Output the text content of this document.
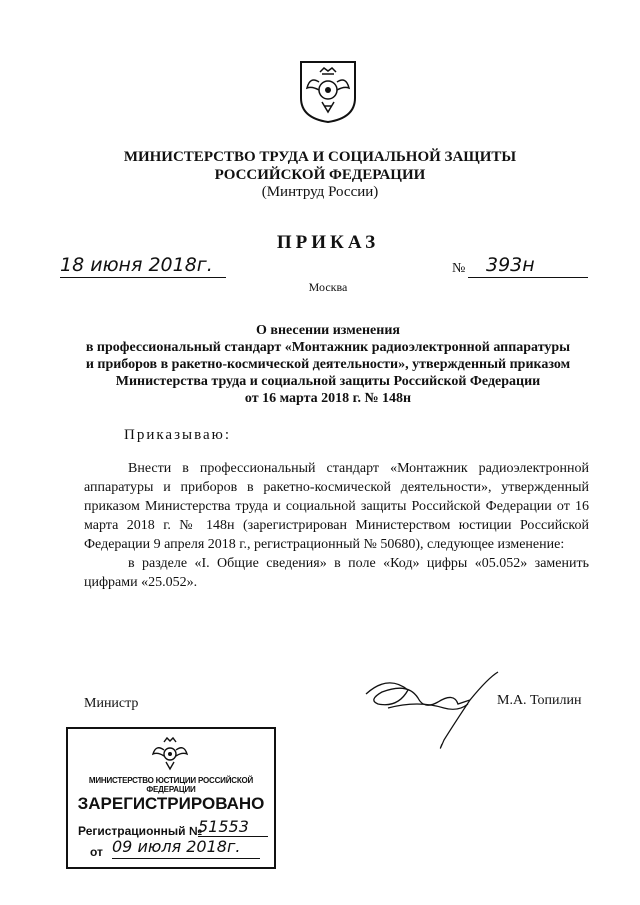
МИНИСТЕРСТВО ТРУДА И СОЦИАЛЬНОЙ ЗАЩИТЫ
РОССИЙСКОЙ ФЕДЕРАЦИИ
(Минтруд России)
ПРИКАЗ
18 июня 2018г.	№ 393н
Москва
О внесении изменения
в профессиональный стандарт «Монтажник радиоэлектронной аппаратуры
и приборов в ракетно-космической деятельности», утвержденный приказом
Министерства труда и социальной защиты Российской Федерации
от 16 марта 2018 г. № 148н
Приказываю:

Внести в профессиональный стандарт «Монтажник радиоэлектронной аппаратуры и приборов в ракетно-космической деятельности», утвержденный приказом Министерства труда и социальной защиты Российской Федерации от 16 марта 2018 г. № 148н (зарегистрирован Министерством юстиции Российской Федерации 9 апреля 2018 г., регистрационный № 50680), следующее изменение:

в разделе «I. Общие сведения» в поле «Код» цифры «05.052» заменить цифрами «25.052».

Министр	М.А. Топилин
МИНИСТЕРСТВО ЮСТИЦИИ РОССИЙСКОЙ ФЕДЕРАЦИИ
ЗАРЕГИСТРИРОВАНО
Регистрационный №
51553
от 09 июля 2018г.
